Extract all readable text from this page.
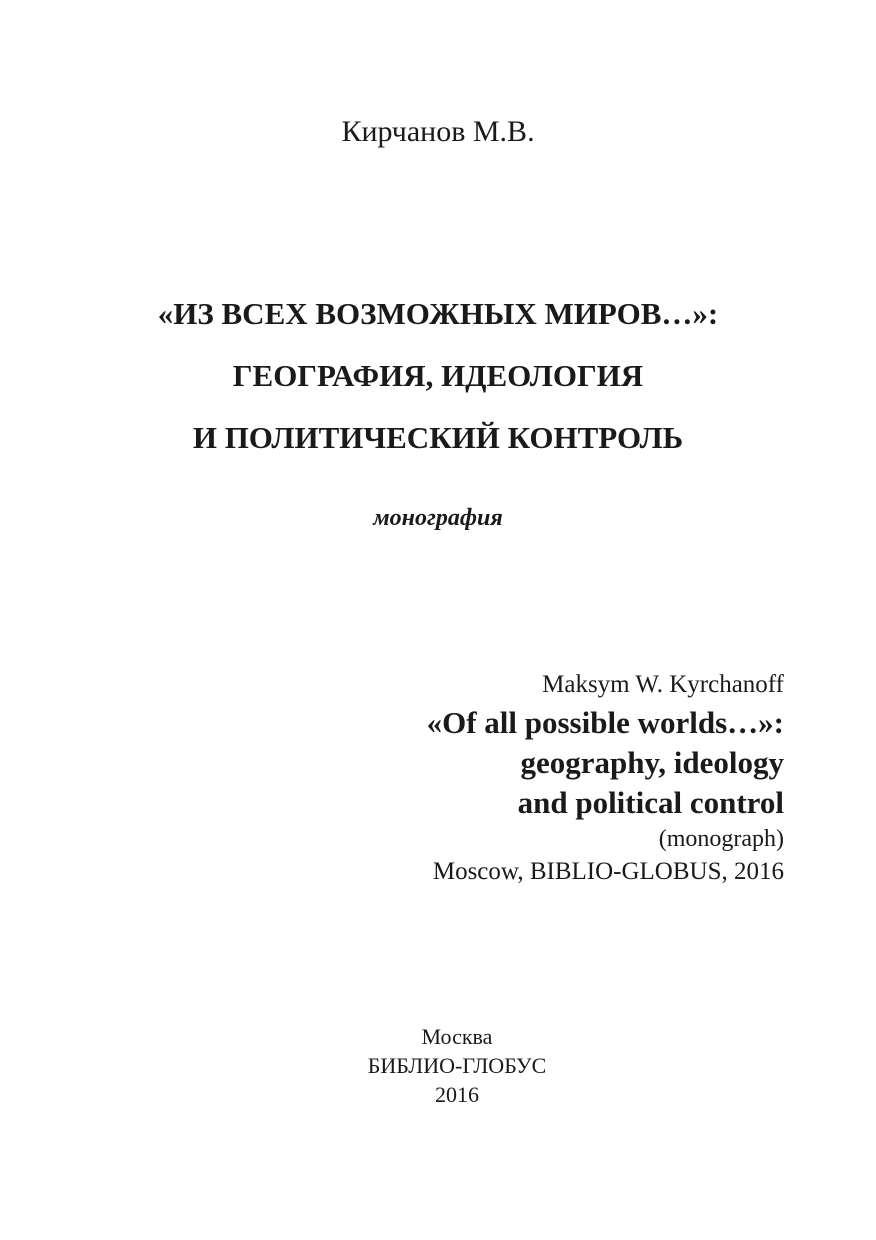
Кирчанов М.В.
«ИЗ ВСЕХ ВОЗМОЖНЫХ МИРОВ…»:
ГЕОГРАФИЯ, ИДЕОЛОГИЯ
И ПОЛИТИЧЕСКИЙ КОНТРОЛЬ
монография
Maksym W. Kyrchanoff
«Of all possible worlds…»:
geography, ideology
and political control
(monograph)
Moscow, BIBLIO-GLOBUS, 2016
Москва
БИБЛИО-ГЛОБУС
2016
